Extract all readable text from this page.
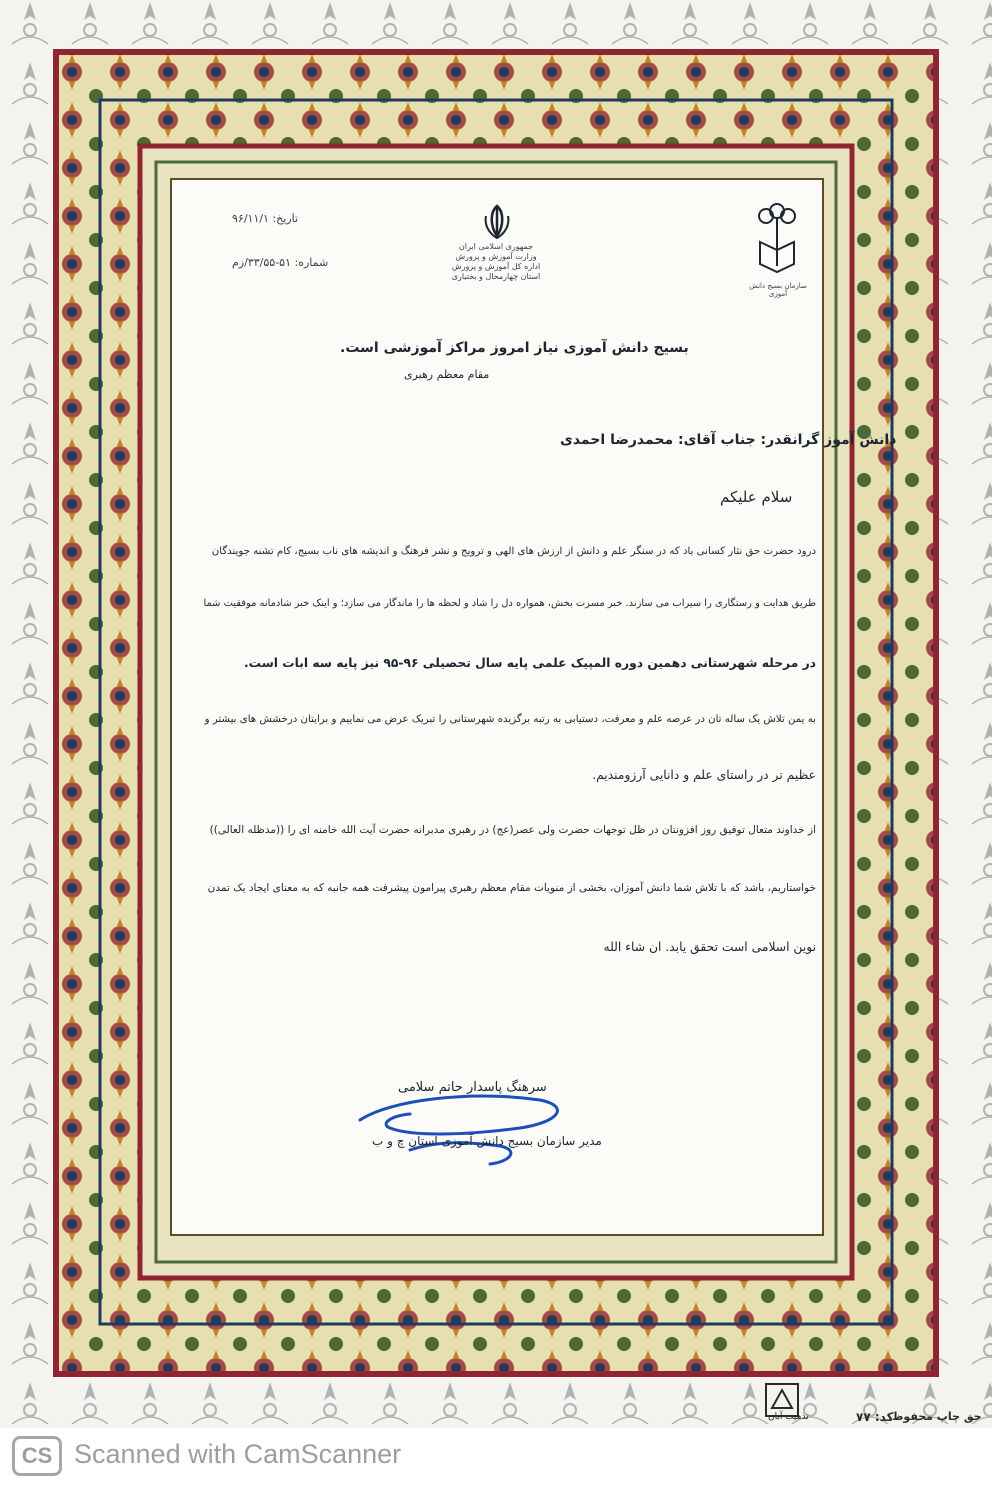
تاریخ: ۹۶/۱۱/۱
شماره: ۵۱-۳۳/۵۵/زم
جمهوری اسلامی ایران
وزارت آموزش و پرورش
اداره کل آموزش و پرورش
استان چهارمحال و بختیاری
سازمان بسیج دانش آموزی
بسیج دانش آموزی نیاز امروز مراکز آموزشی است.
مقام معظم رهبری
دانش آموز گرانقدر: جناب آقای: محمدرضا احمدی
سلام علیکم
درود حضرت حق نثار کسانی باد که در سنگر علم و دانش از ارزش های الهی و ترویج و نشر فرهنگ و اندیشه های ناب بسیج، کام تشنه جویندگان
طریق هدایت و رستگاری را سیراب می سازند. خبر مسرت بخش، همواره دل را شاد و لحظه ها را ماندگار می سازد؛ و اینک خبر شادمانه موفقیت شما
در مرحله شهرستانی دهمین دوره المپیک علمی پایه سال تحصیلی ۹۶-۹۵ نیز پایه سه ابات است.
به یمن تلاش یک ساله تان در عرصه علم و معرفت، دستیابی به رتبه برگزیده شهرستانی را تبریک عرض می نماییم و برایتان درخشش های بیشتر و
عظیم تر در راستای علم و دانایی آرزومندیم.
از خداوند متعال توفیق روز افزونتان در ظل توجهات حضرت ولی عصر(عج) در رهبری مدبرانه حضرت آیت الله خامنه ای را ((مدظله العالی))
خواستاریم، باشد که با تلاش شما دانش آموزان، بخشی از منویات مقام معظم رهبری پیرامون پیشرفت همه جانبه که به معنای ایجاد یک تمدن
نوین اسلامی است تحقق یابد. ان شاء الله
سرهنگ پاسدار حاتم سلامی
مدیر سازمان بسیج دانش آموزی استان چ و ب
تذهیب آبان	کد: ۷۷
حق چاپ محفوظ
CS Scanned with CamScanner
